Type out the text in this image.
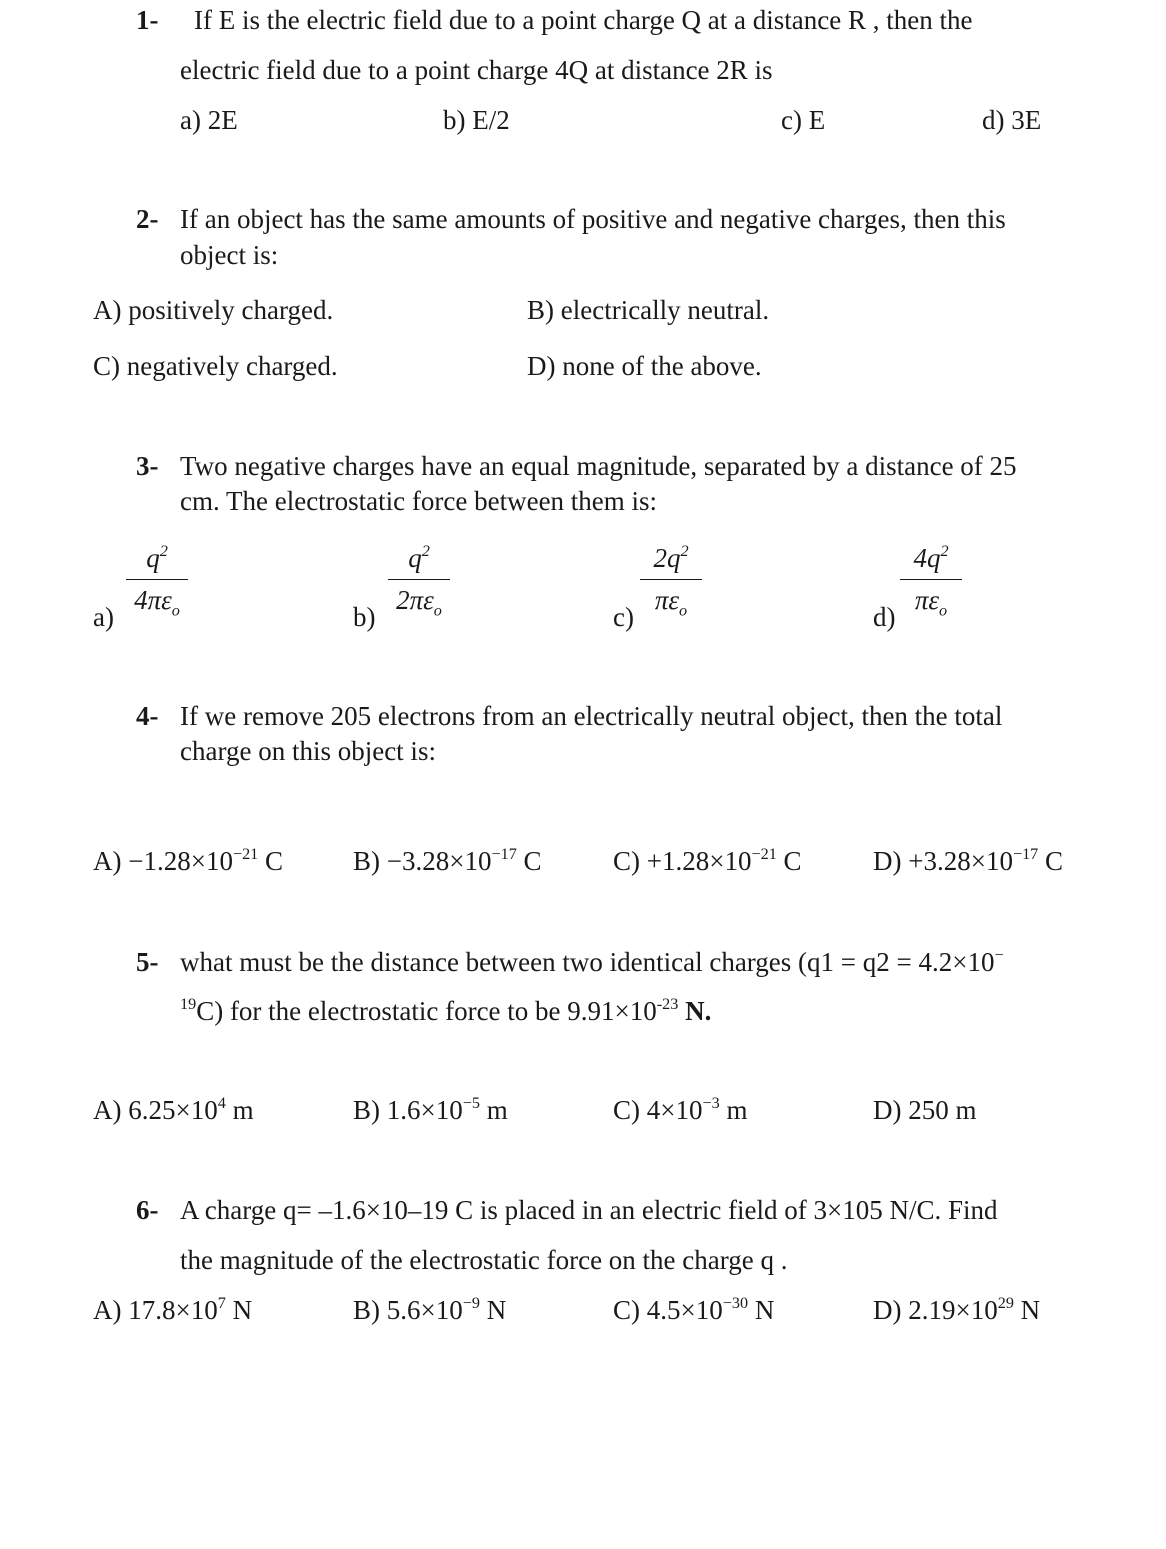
1- If E is the electric field due to a point charge Q at a distance R , then the
electric field due to a point charge 4Q at distance 2R is
a) 2E	b) E/2	c) E	d) 3E
2- If an object has the same amounts of positive and negative charges, then this
object is:
A) positively charged.	B) electrically neutral.
C) negatively charged.	D) none of the above.
3- Two negative charges have an equal magnitude, separated by a distance of 25
cm. The electrostatic force between them is:
a)
$q^2$
$4\pi\varepsilon_o$	b)
$q^2$
$2\pi\varepsilon_o$	c)
$2q^2$
$\pi\varepsilon_o$	d)
$4q^2$
$\pi\varepsilon_o$
4- If we remove 205 electrons from an electrically neutral object, then the total
charge on this object is:
$A) -1.28\times 10^{-21}$ C	$B) -3.28\times 10^{-17}$ C	$C) +1.28\times 10^{-21}$ C	$D) +3.28\times 10^{-17}$ C
5- what must be the distance between two identical charges (q1 = q2 = 4.2×10−
$^{19}$C) for the electrostatic force to be $9.91\times 10^{-23}$ N.
A) $6.25\times 10^4$ m	B) $1.6\times 10^{-5}$ m	C) $4\times 10^{-3}$ m	D) 250 m
6- A charge q= –1.6×10–19 C is placed in an electric field of 3×105 N/C. Find
the magnitude of the electrostatic force on the charge q .
A) $17.8\times 10^7$ N	B) $5.6\times 10^{-9}$ N	C) $4.5\times 10^{-30}$ N	D) $2.19\times 10^{29}$ N
